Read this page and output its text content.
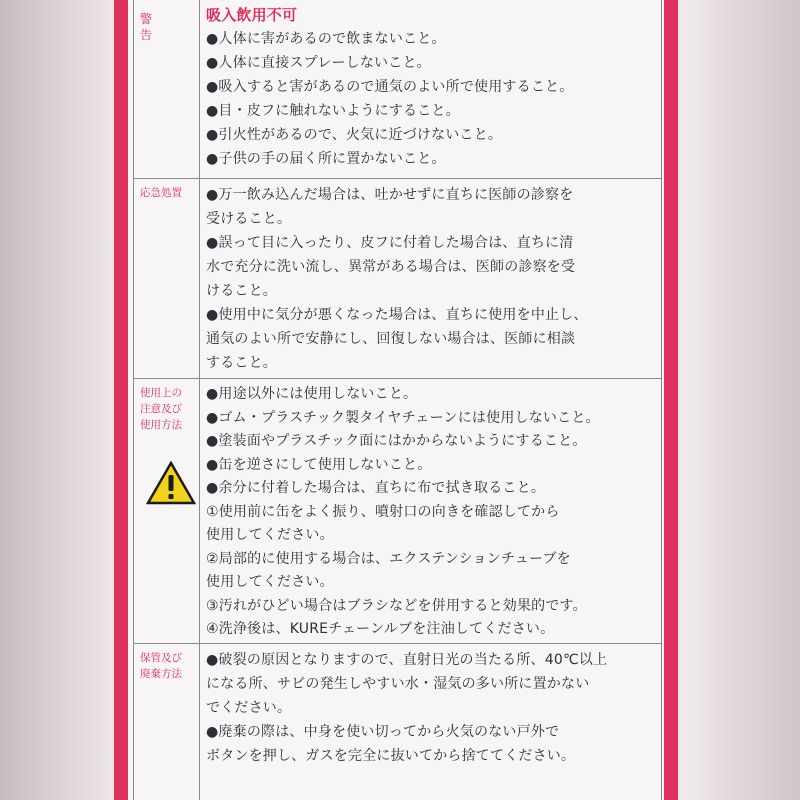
警告
吸入飲用不可
●人体に害があるので飲まないこと。
●人体に直接スプレーしないこと。
●吸入すると害があるので通気のよい所で使用すること。
●目・皮フに触れないようにすること。
●引火性があるので、火気に近づけないこと。
●子供の手の届く所に置かないこと。
応急処置	●万一飲み込んだ場合は、吐かせずに直ちに医師の診察を
受けること。
●誤って目に入ったり、皮フに付着した場合は、直ちに清
水で充分に洗い流し、異常がある場合は、医師の診察を受
けること。
●使用中に気分が悪くなった場合は、直ちに使用を中止し、
通気のよい所で安静にし、回復しない場合は、医師に相談
すること。
使用上の
注意及び
使用方法
●用途以外には使用しないこと。
●ゴム・プラスチック製タイヤチェーンには使用しないこと。
●塗装面やプラスチック面にはかからないようにすること。
●缶を逆さにして使用しないこと。
●余分に付着した場合は、直ちに布で拭き取ること。
①使用前に缶をよく振り、噴射口の向きを確認してから
使用してください。
②局部的に使用する場合は、エクステンションチューブを
使用してください。
③汚れがひどい場合はブラシなどを併用すると効果的です。
④洗浄後は、KUREチェーンルブを注油してください。
保管及び
廃棄方法
●破裂の原因となりますので、直射日光の当たる所、40℃以上
になる所、サビの発生しやすい水・湿気の多い所に置かない
でください。
●廃棄の際は、中身を使い切ってから火気のない戸外で
ボタンを押し、ガスを完全に抜いてから捨ててください。
